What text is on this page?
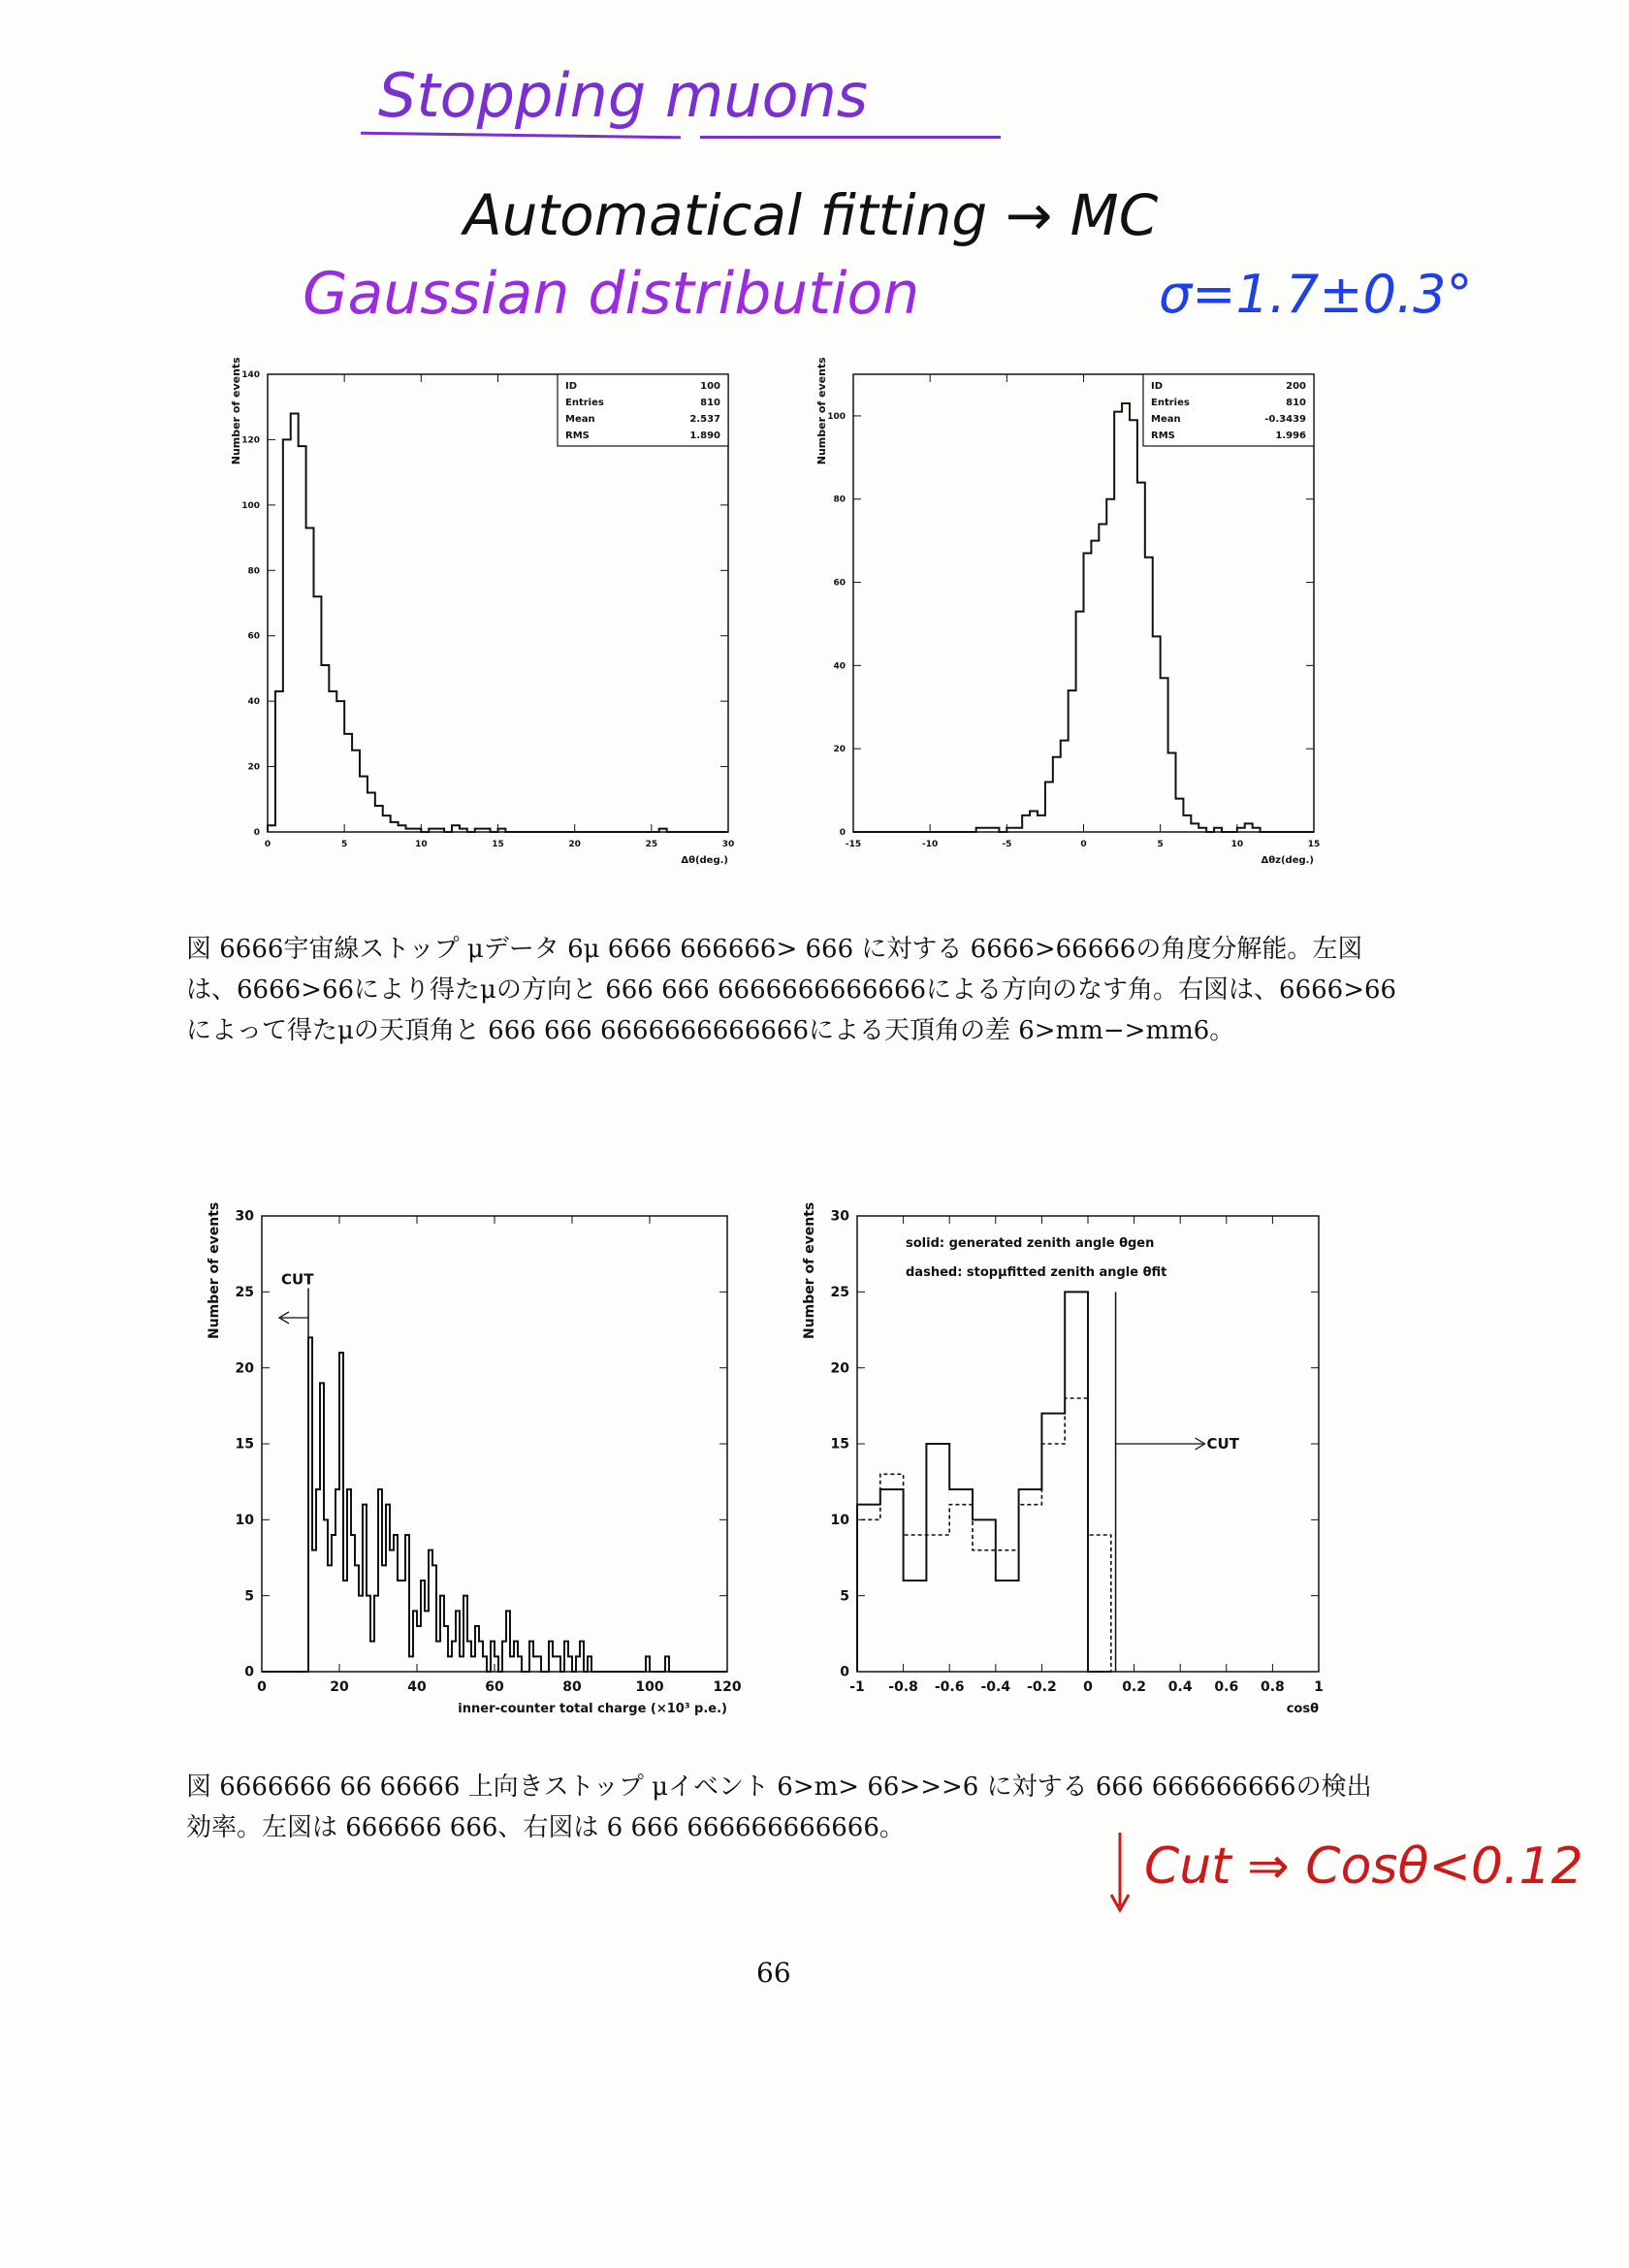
Stopping muons
Automatical fitting → MC
Gaussian distribution	σ=1.7±0.3°
0	5	10	15	20	25	30
0
20
40
60
80
100
120
140
ID	100
Entries	810
Mean	2.537
RMS	1.890
Number of events
Δθ(deg.)
-15	-10	-5	0	5	10	15
0
20
40
60
80
100
ID	200
Entries	810
Mean	-0.3439
RMS	1.996
Number of events
Δθz(deg.)
図 6666宇宙線ストップ μデータ 6μ 6666 666666> 666 に対する 6666>66666の角度分解能。左図
は、6666>66により得たμの方向と 666 666 6666666666666による方向のなす角。右図は、6666>66
によって得たμの天頂角と 666 666 6666666666666による天頂角の差 6>mm−>mm6。
0	20	40	60	80	100	120
0
5
10
15
20
25
30
CUT
Number of events
inner-counter total charge (×10³ p.e.)
-1 -0.8 -0.6 -0.4 -0.2 0 0.2 0.4 0.6 0.8 1
0
5
10
15
20
25
30
CUT
solid: generated zenith angle θgen
dashed: stopμfitted zenith angle θfit
Number of events
cosθ
図 6666666 66 66666 上向きストップ μイベント 6>m> 66>>>6 に対する 666 666666666の検出
効率。左図は 666666 666、右図は 6 666 666666666666。
Cut ⇒ Cosθ<0.12
66
